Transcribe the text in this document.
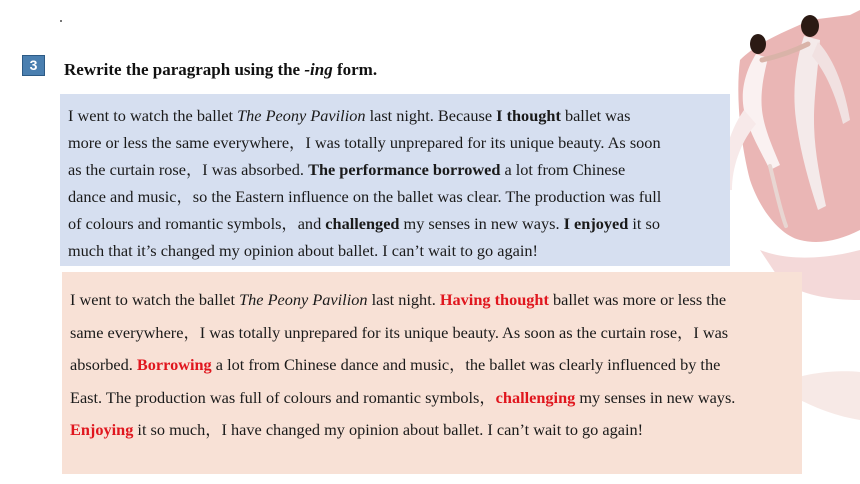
3	Rewrite the paragraph using the -ing form.
I went to watch the ballet The Peony Pavilion last night. Because I thought ballet was
more or less the same everywhere，I was totally unprepared for its unique beauty. As soon
as the curtain rose，I was absorbed. The performance borrowed a lot from Chinese
dance and music，so the Eastern influence on the ballet was clear. The production was full
of colours and romantic symbols，and challenged my senses in new ways. I enjoyed it so
much that it’s changed my opinion about ballet. I can’t wait to go again!
I went to watch the ballet The Peony Pavilion last night. Having thought ballet was more or less the
same everywhere，I was totally unprepared for its unique beauty. As soon as the curtain rose，I was
absorbed. Borrowing a lot from Chinese dance and music，the ballet was clearly influenced by the
East. The production was full of colours and romantic symbols，challenging my senses in new ways.
Enjoying it so much，I have changed my opinion about ballet. I can’t wait to go again!
